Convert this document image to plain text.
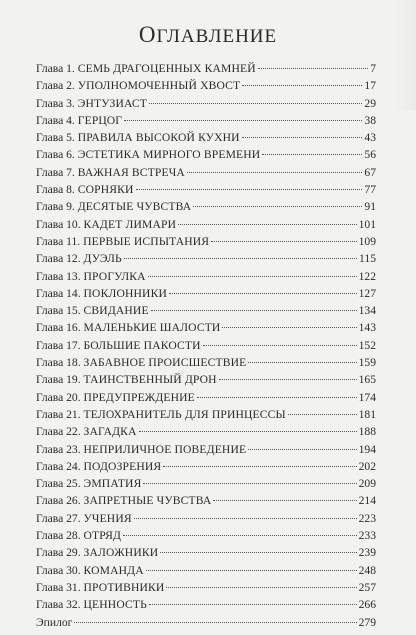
ОГЛАВЛЕНИЕ
Глава 1. СЕМЬ ДРАГОЦЕННЫХ КАМНЕЙ	7
Глава 2. УПОЛНОМОЧЕННЫЙ ХВОСТ	17
Глава 3. ЭНТУЗИАСТ	29
Глава 4. ГЕРЦОГ	38
Глава 5. ПРАВИЛА ВЫСОКОЙ КУХНИ	43
Глава 6. ЭСТЕТИКА МИРНОГО ВРЕМЕНИ	56
Глава 7. ВАЖНАЯ ВСТРЕЧА	67
Глава 8. СОРНЯКИ	77
Глава 9. ДЕСЯТЫЕ ЧУВСТВА	91
Глава 10. КАДЕТ ЛИМАРИ	101
Глава 11. ПЕРВЫЕ ИСПЫТАНИЯ	109
Глава 12. ДУЭЛЬ	115
Глава 13. ПРОГУЛКА	122
Глава 14. ПОКЛОННИКИ	127
Глава 15. СВИДАНИЕ	134
Глава 16. МАЛЕНЬКИЕ ШАЛОСТИ	143
Глава 17. БОЛЬШИЕ ПАКОСТИ	152
Глава 18. ЗАБАВНОЕ ПРОИСШЕСТВИЕ	159
Глава 19. ТАИНСТВЕННЫЙ ДРОН	165
Глава 20. ПРЕДУПРЕЖДЕНИЕ	174
Глава 21. ТЕЛОХРАНИТЕЛЬ ДЛЯ ПРИНЦЕССЫ	181
Глава 22. ЗАГАДКА	188
Глава 23. НЕПРИЛИЧНОЕ ПОВЕДЕНИЕ	194
Глава 24. ПОДОЗРЕНИЯ	202
Глава 25. ЭМПАТИЯ	209
Глава 26. ЗАПРЕТНЫЕ ЧУВСТВА	214
Глава 27. УЧЕНИЯ	223
Глава 28. ОТРЯД	233
Глава 29. ЗАЛОЖНИКИ	239
Глава 30. КОМАНДА	248
Глава 31. ПРОТИВНИКИ	257
Глава 32. ЦЕННОСТЬ	266
Эпилог	279
